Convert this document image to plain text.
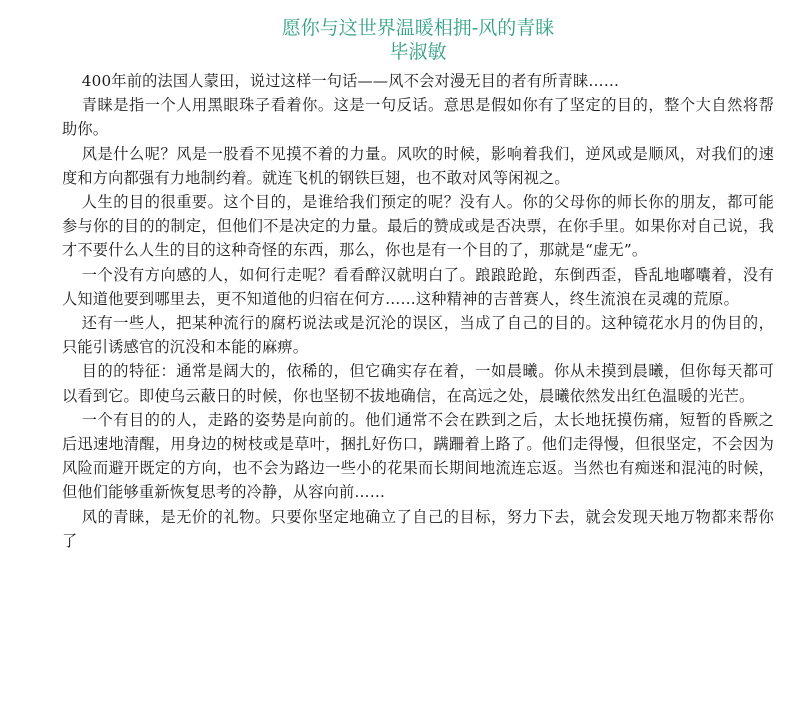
愿你与这世界温暖相拥-风的青睐
毕淑敏

400年前的法国人蒙田，说过这样一句话——风不会对漫无目的者有所青睐……

青睐是指一个人用黑眼珠子看着你。这是一句反话。意思是假如你有了坚定的目的，整个大自然将帮助你。

风是什么呢？风是一股看不见摸不着的力量。风吹的时候，影响着我们，逆风或是顺风，对我们的速度和方向都强有力地制约着。就连飞机的钢铁巨翅，也不敢对风等闲视之。

人生的目的很重要。这个目的，是谁给我们预定的呢？没有人。你的父母你的师长你的朋友，都可能参与你的目的的制定，但他们不是决定的力量。最后的赞成或是否决票，在你手里。如果你对自己说，我才不要什么人生的目的这种奇怪的东西，那么，你也是有一个目的了，那就是“虚无”。

一个没有方向感的人，如何行走呢？看看醉汉就明白了。踉踉跄跄，东倒西歪，昏乱地嘟囔着，没有人知道他要到哪里去，更不知道他的归宿在何方……这种精神的吉普赛人，终生流浪在灵魂的荒原。

还有一些人，把某种流行的腐朽说法或是沉沦的误区，当成了自己的目的。这种镜花水月的伪目的，只能引诱感官的沉没和本能的麻痹。

目的的特征：通常是阔大的，依稀的，但它确实存在着，一如晨曦。你从未摸到晨曦，但你每天都可以看到它。即使乌云蔽日的时候，你也坚韧不拔地确信，在高远之处，晨曦依然发出红色温暖的光芒。

一个有目的的人，走路的姿势是向前的。他们通常不会在跌到之后，太长地抚摸伤痛，短暂的昏厥之后迅速地清醒，用身边的树枝或是草叶，捆扎好伤口，蹒跚着上路了。他们走得慢，但很坚定，不会因为风险而避开既定的方向，也不会为路边一些小的花果而长期间地流连忘返。当然也有痴迷和混沌的时候，但他们能够重新恢复思考的冷静，从容向前……

风的青睐，是无价的礼物。只要你坚定地确立了自己的目标，努力下去，就会发现天地万物都来帮你了
